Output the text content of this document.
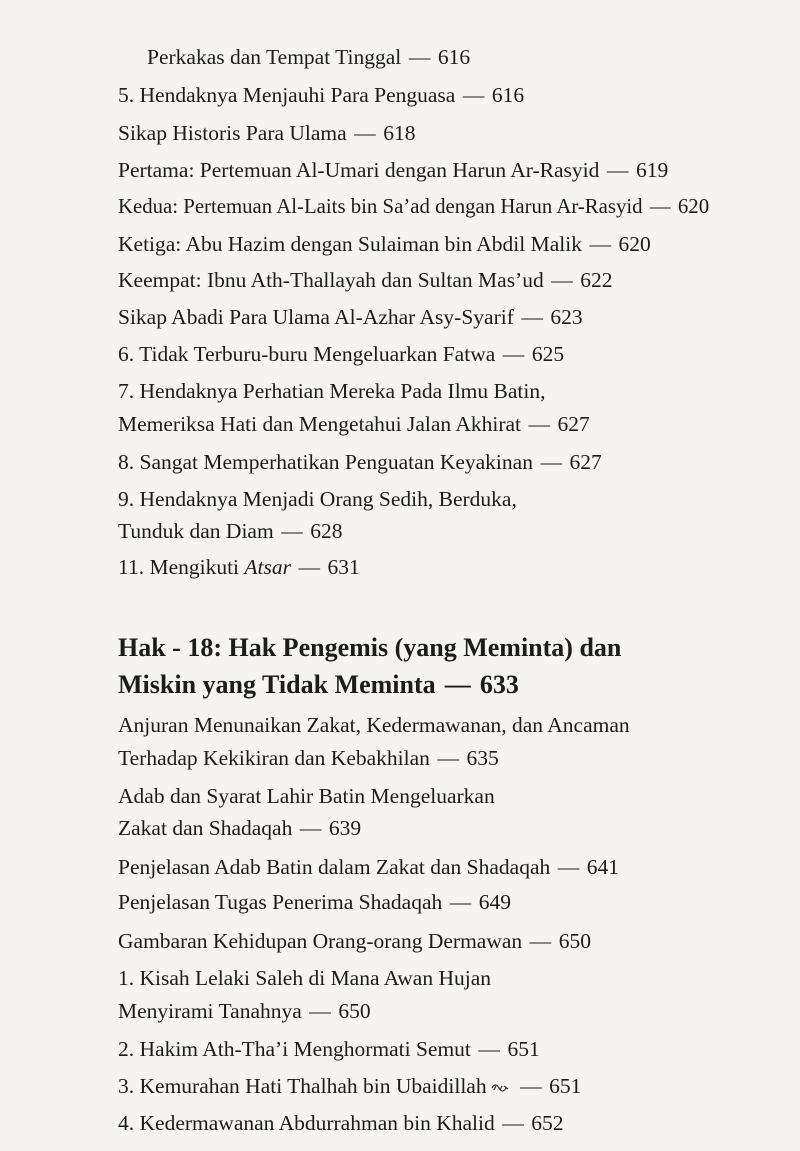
Perkakas dan Tempat Tinggal — 616
5. Hendaknya Menjauhi Para Penguasa — 616
Sikap Historis Para Ulama — 618
Pertama: Pertemuan Al-Umari dengan Harun Ar-Rasyid — 619
Kedua: Pertemuan Al-Laits bin Sa’ad dengan Harun Ar-Rasyid — 620
Ketiga: Abu Hazim dengan Sulaiman bin Abdil Malik — 620
Keempat: Ibnu Ath-Thallayah dan Sultan Mas’ud — 622
Sikap Abadi Para Ulama Al-Azhar Asy-Syarif — 623
6. Tidak Terburu-buru Mengeluarkan Fatwa — 625
7. Hendaknya Perhatian Mereka Pada Ilmu Batin,
Memeriksa Hati dan Mengetahui Jalan Akhirat — 627
8. Sangat Memperhatikan Penguatan Keyakinan — 627
9. Hendaknya Menjadi Orang Sedih, Berduka,
Tunduk dan Diam — 628
11. Mengikuti Atsar — 631
Hak - 18: Hak Pengemis (yang Meminta) dan
Miskin yang Tidak Meminta — 633
Anjuran Menunaikan Zakat, Kedermawanan, dan Ancaman
Terhadap Kekikiran dan Kebakhilan — 635
Adab dan Syarat Lahir Batin Mengeluarkan
Zakat dan Shadaqah — 639
Penjelasan Adab Batin dalam Zakat dan Shadaqah — 641
Penjelasan Tugas Penerima Shadaqah — 649
Gambaran Kehidupan Orang-orang Dermawan — 650
1. Kisah Lelaki Saleh di Mana Awan Hujan
Menyirami Tanahnya — 650
2. Hakim Ath-Tha’i Menghormati Semut — 651
3. Kemurahan Hati Thalhah bin Ubaidillah — 651
4. Kedermawanan Abdurrahman bin Khalid — 652
